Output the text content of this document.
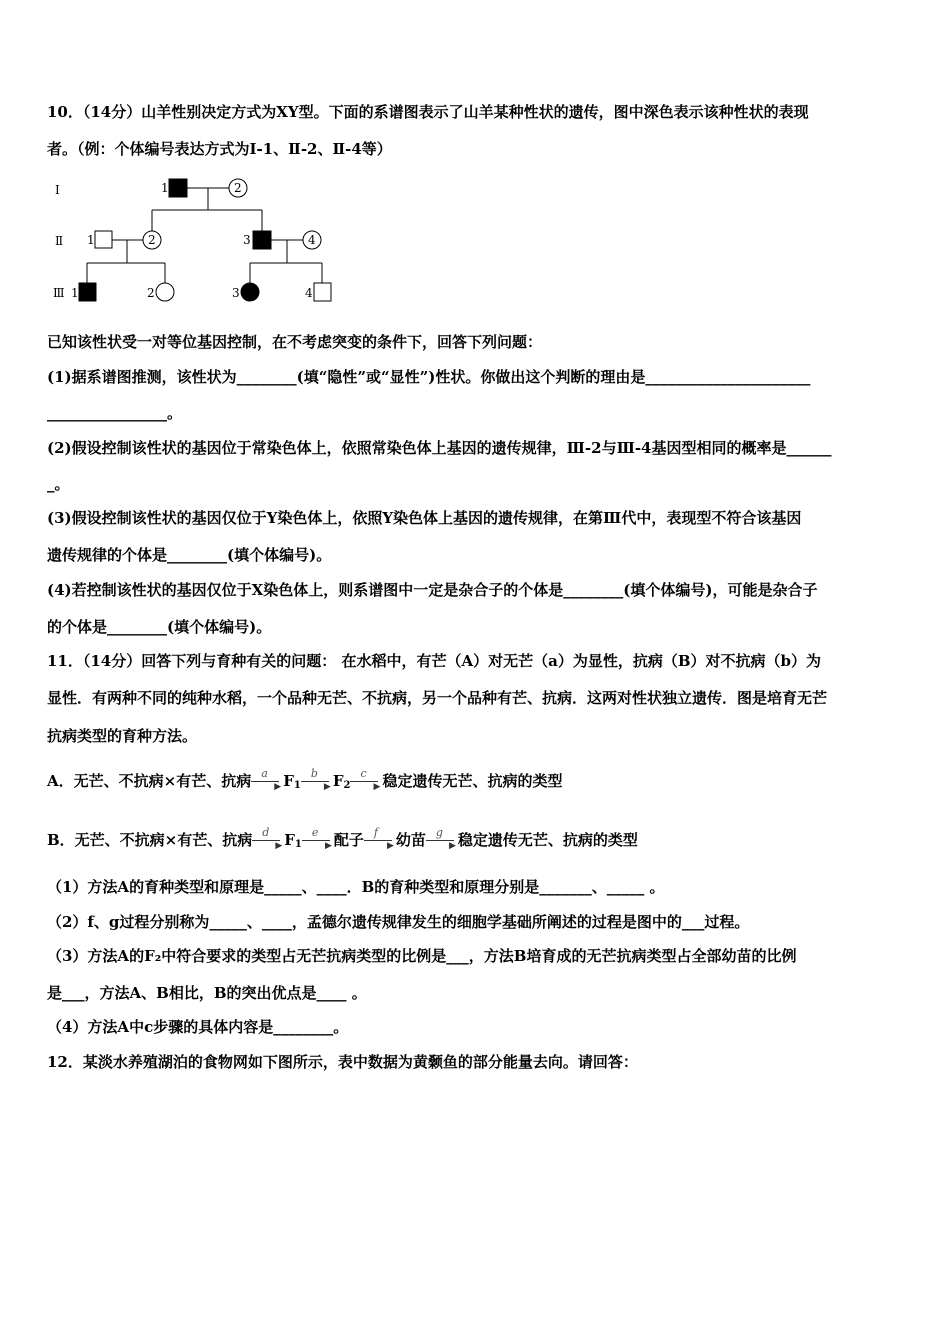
10．（14分）山羊性别决定方式为XY型。下面的系谱图表示了山羊某种性状的遗传，图中深色表示该种性状的表现
者。（例：个体编号表达方式为Ⅰ-1、Ⅱ-2、Ⅱ-4等）
Ⅰ
Ⅱ
Ⅲ
1	2
1	2	3	4
1	2	3	4
已知该性状受一对等位基因控制，在不考虑突变的条件下，回答下列问题：
(1)据系谱图推测，该性状为________(填“隐性”或“显性”)性状。你做出这个判断的理由是______________________
________________。
(2)假设控制该性状的基因位于常染色体上，依照常染色体上基因的遗传规律，Ⅲ-2与Ⅲ-4基因型相同的概率是______
_。
(3)假设控制该性状的基因仅位于Y染色体上，依照Y染色体上基因的遗传规律，在第Ⅲ代中，表现型不符合该基因
遗传规律的个体是________(填个体编号)。
(4)若控制该性状的基因仅位于X染色体上，则系谱图中一定是杂合子的个体是________(填个体编号)，可能是杂合子
的个体是________(填个体编号)。
11．（14分）回答下列与育种有关的问题： 在水稻中，有芒（A）对无芒（a）为显性，抗病（B）对不抗病（b）为
显性．有两种不同的纯种水稻，一个品种无芒、不抗病，另一个品种有芒、抗病．这两对性状独立遗传．图是培育无芒
抗病类型的育种方法。
A．无芒、不抗病×有芒、抗病 a
▶ $F_1$
b
▶ $F_2$
c
▶ 稳定遗传无芒、抗病的类型
B．无芒、不抗病×有芒、抗病 d
▶ $F_1$
e
▶ 配子 f
▶ 幼苗 g
▶ 稳定遗传无芒、抗病的类型
（1）方法A的育种类型和原理是_____、____．B的育种类型和原理分别是_______、_____ 。
（2）f、g过程分别称为_____、____，孟德尔遗传规律发生的细胞学基础所阐述的过程是图中的___过程。
（3）方法A的F₂中符合要求的类型占无芒抗病类型的比例是___，方法B培育成的无芒抗病类型占全部幼苗的比例
是___，方法A、B相比，B的突出优点是____ 。
（4）方法A中c步骤的具体内容是________。
12．某淡水养殖湖泊的食物网如下图所示，表中数据为黄颡鱼的部分能量去向。请回答：
